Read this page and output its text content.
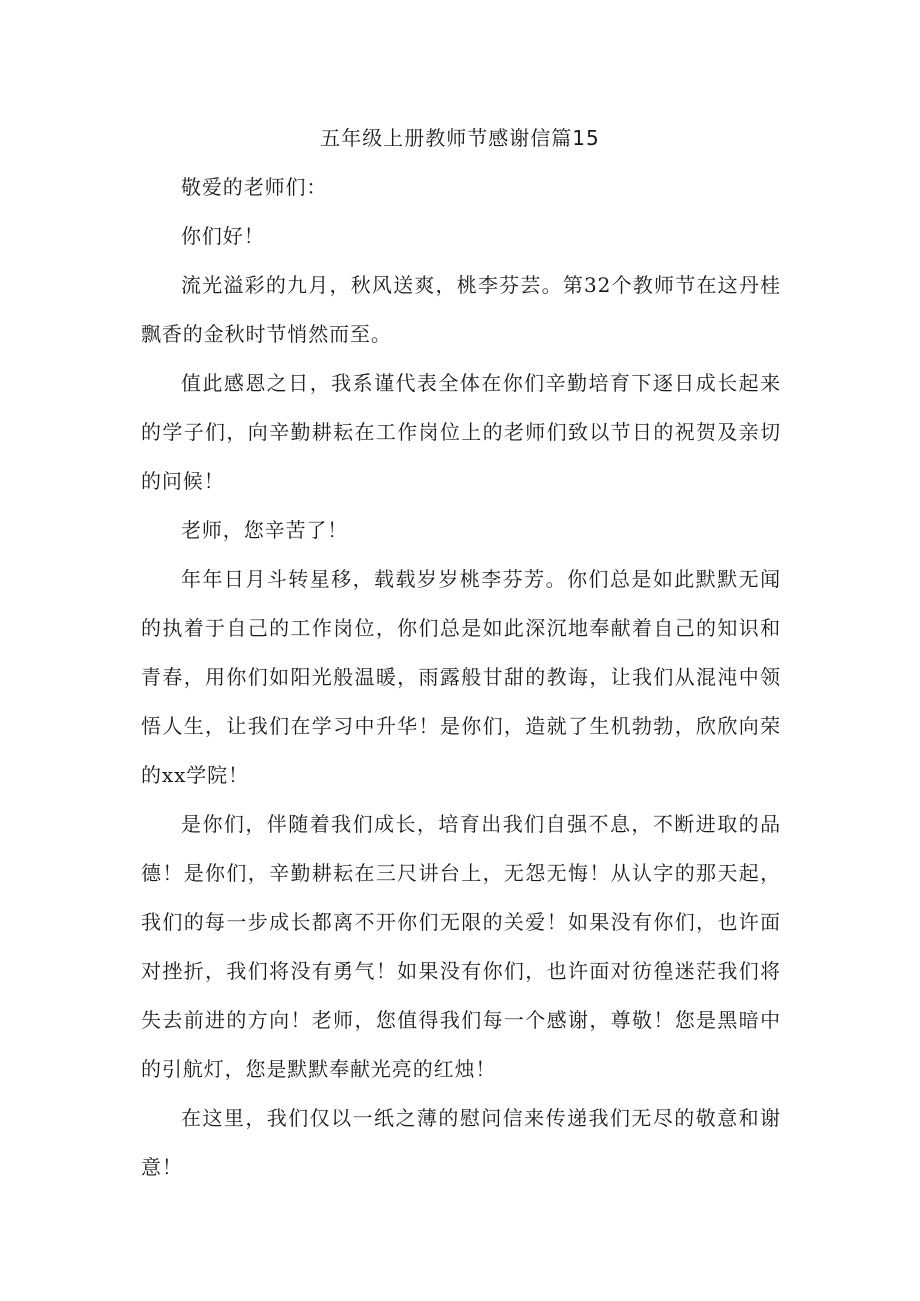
五年级上册教师节感谢信篇15

敬爱的老师们：

你们好！

流光溢彩的九月，秋风送爽，桃李芬芸。第32个教师节在这丹桂飘香的金秋时节悄然而至。

值此感恩之日，我系谨代表全体在你们辛勤培育下逐日成长起来的学子们，向辛勤耕耘在工作岗位上的老师们致以节日的祝贺及亲切的问候！

老师，您辛苦了！

年年日月斗转星移，载载岁岁桃李芬芳。你们总是如此默默无闻的执着于自己的工作岗位，你们总是如此深沉地奉献着自己的知识和青春，用你们如阳光般温暖，雨露般甘甜的教诲，让我们从混沌中领悟人生，让我们在学习中升华！是你们，造就了生机勃勃，欣欣向荣的xx学院！

是你们，伴随着我们成长，培育出我们自强不息，不断进取的品德！是你们，辛勤耕耘在三尺讲台上，无怨无悔！从认字的那天起，我们的每一步成长都离不开你们无限的关爱！如果没有你们，也许面对挫折，我们将没有勇气！如果没有你们，也许面对彷徨迷茫我们将失去前进的方向！老师，您值得我们每一个感谢，尊敬！您是黑暗中的引航灯，您是默默奉献光亮的红烛！

在这里，我们仅以一纸之薄的慰问信来传递我们无尽的敬意和谢意！
